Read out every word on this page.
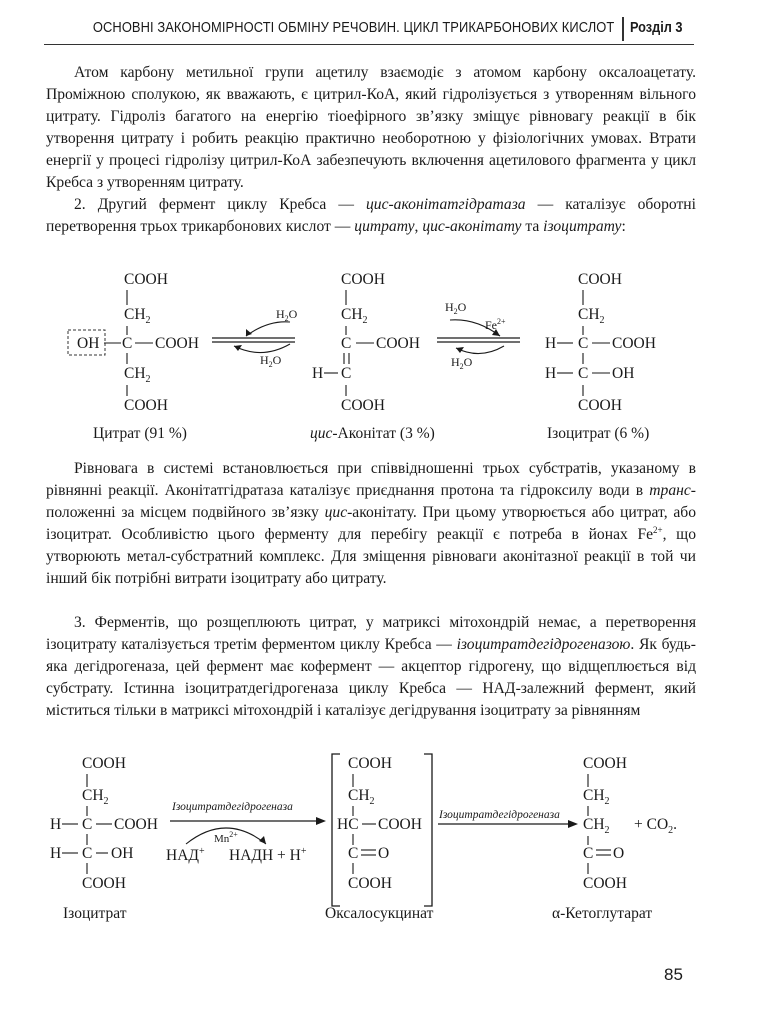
ОСНОВНІ ЗАКОНОМІРНОСТІ ОБМІНУ РЕЧОВИН. ЦИКЛ ТРИКАРБОНОВИХ КИСЛОТ Розділ 3

Атом карбону метильної групи ацетилу взаємодіє з атомом карбону оксалоацетату. Проміжною сполукою, як вважають, є цитрил-КоА, який гідролізується з утворенням вільного цитрату. Гідроліз багатого на енергію тіоефірного зв’язку зміщує рівновагу реакції в бік утворення цитрату і робить реакцію практично необоротною у фізіологічних умовах. Втрати енергії у процесі гідролізу цитрил-КоА забезпечують включення ацетилового фрагмента у цикл Кребса з утворенням цитрату.

2. Другий фермент циклу Кребса — цис-аконітатгідратаза — каталізує оборотні перетворення трьох трикарбонових кислот — цитрату, цис-аконітату та ізоцитрату:

COOH
$CH_2$
OH C COOH
$CH_2$
COOH
Цитрат (91 %)
$H_2O$
$H_2O$
COOH
$CH_2$
C COOH
H C
COOH
цис-Аконітат (3 %)
$H_2O$
$Fe^{2+}$
$H_2O$
COOH
$CH_2$
H C COOH
H C OH
COOH
Ізоцитрат (6 %)

Рівновага в системі встановлюється при співвідношенні трьох субстратів, указаному в рівнянні реакції. Аконітатгідратаза каталізує приєднання протона та гідроксилу води в транс-положенні за місцем подвійного зв’язку цис-аконітату. При цьому утворюється або цитрат, або ізоцитрат. Особливістю цього ферменту для перебігу реакції є потреба в йонах $Fe^{2+}$, що утворюють метал-субстратний комплекс. Для зміщення рівноваги аконітазної реакції в той чи інший бік потрібні витрати ізоцитрату або цитрату.

3. Ферментів, що розщеплюють цитрат, у матриксі мітохондрій немає, а перетворення ізоцитрату каталізується третім ферментом циклу Кребса — ізоцитратдегідрогеназою. Як будь-яка дегідрогеназа, цей фермент має кофермент — акцептор гідрогену, що відщеплюється від субстрату. Істинна ізоцитратдегідрогеназа циклу Кребса — НАД-залежний фермент, який міститься тільки в матриксі мітохондрій і каталізує дегідрування ізоцитрату за рівнянням

COOH
$CH_2$
H C COOH
H C OH
COOH
Ізоцитрат
Ізоцитратдегідрогеназа
$Mn^{2+}$
НАД+ НАДН + Н+
COOH
$CH_2$
HC COOH
C O
COOH
Оксалосукцинат
Ізоцитратдегідрогеназа
COOH
$CH_2$
$CH_2$
C O
COOH
+ $CO_2$.
α-Кетоглутарат
85
